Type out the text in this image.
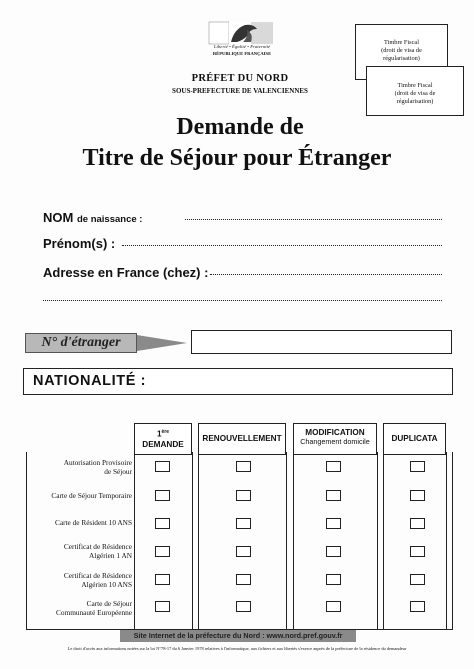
Liberté • Égalité • Fraternité
RÉPUBLIQUE FRANÇAISE
PRÉFET DU NORD
SOUS-PREFECTURE DE VALENCIENNES
Timbre Fiscal
(droit de visa de
régularisation)
Timbre Fiscal
(droit de visa de
régularisation)
Demande de
Titre de Séjour pour Étranger
NOM de naissance :
Prénom(s) :
Adresse en France (chez) :
N° d'étranger
NATIONALITÉ :
1ère
DEMANDE
RENOUVELLEMENT
MODIFICATION
Changement domicile	DUPLICATA
Autorisation Provisoire
de Séjour
Carte de Séjour Temporaire
Carte de Résident 10 ANS
Certificat de Résidence
Algérien 1 AN
Certificat de Résidence
Algérien 10 ANS
Carte de Séjour
Communauté Européenne
Site Internet de la préfecture du Nord : www.nord.pref.gouv.fr
Le droit d'accès aux informations notées sur la loi N°78-17 du 6 Janvier 1978 relatives à l'informatique, aux fichiers et aux libertés s'exerce auprès de la préfecture de la résidence du demandeur
